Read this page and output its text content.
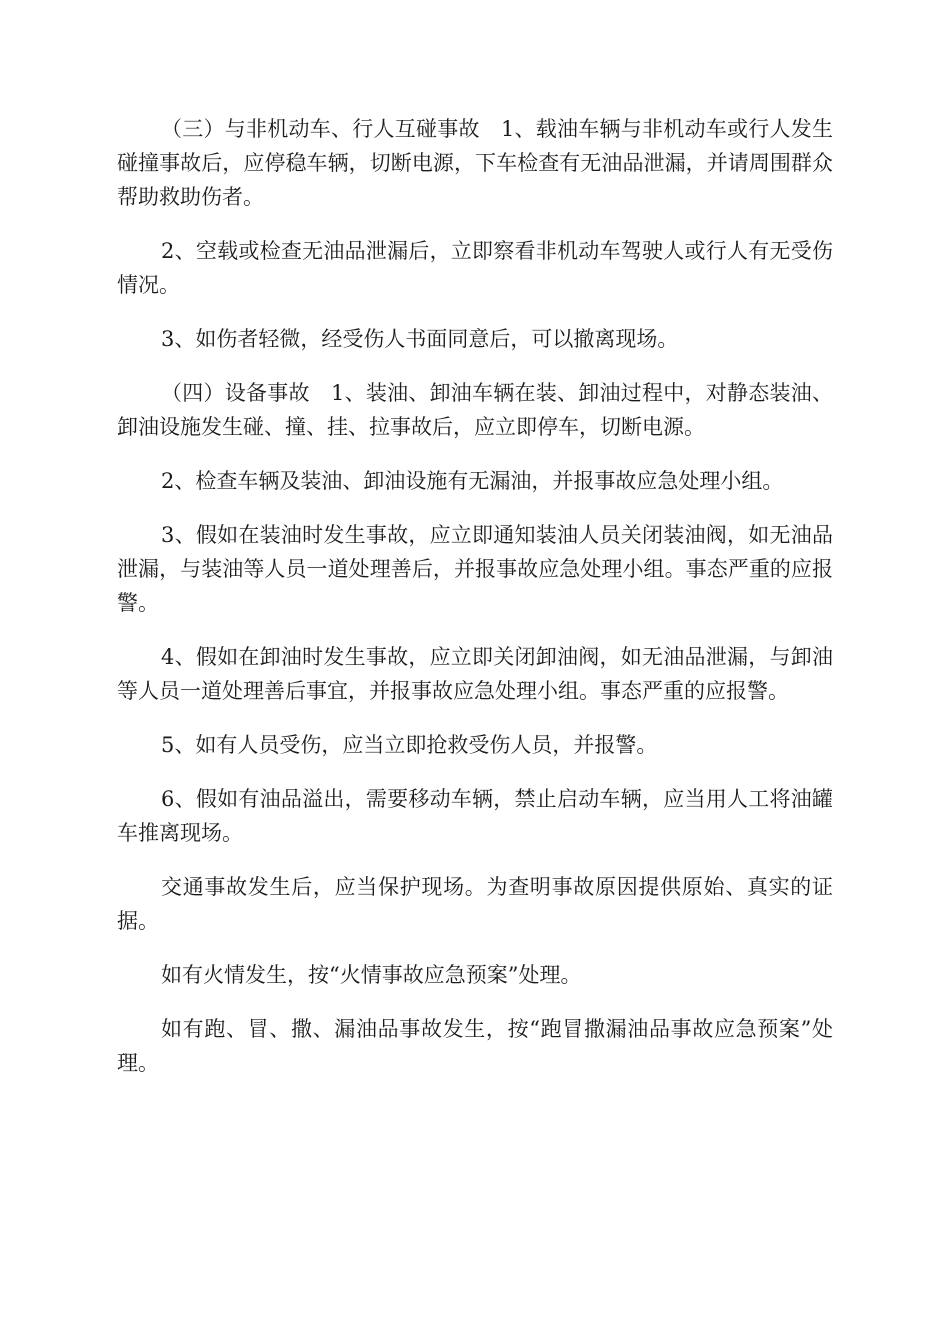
（三）与非机动车、行人互碰事故　1、载油车辆与非机动车或行人发生碰撞事故后，应停稳车辆，切断电源，下车检查有无油品泄漏，并请周围群众帮助救助伤者。

2、空载或检查无油品泄漏后，立即察看非机动车驾驶人或行人有无受伤情况。

3、如伤者轻微，经受伤人书面同意后，可以撤离现场。

（四）设备事故　1、装油、卸油车辆在装、卸油过程中，对静态装油、卸油设施发生碰、撞、挂、拉事故后，应立即停车，切断电源。

2、检查车辆及装油、卸油设施有无漏油，并报事故应急处理小组。

3、假如在装油时发生事故，应立即通知装油人员关闭装油阀，如无油品泄漏，与装油等人员一道处理善后，并报事故应急处理小组。事态严重的应报警。

4、假如在卸油时发生事故，应立即关闭卸油阀，如无油品泄漏，与卸油等人员一道处理善后事宜，并报事故应急处理小组。事态严重的应报警。

5、如有人员受伤，应当立即抢救受伤人员，并报警。

6、假如有油品溢出，需要移动车辆，禁止启动车辆，应当用人工将油罐车推离现场。

交通事故发生后，应当保护现场。为查明事故原因提供原始、真实的证据。

如有火情发生，按“火情事故应急预案”处理。

如有跑、冒、撒、漏油品事故发生，按“跑冒撒漏油品事故应急预案”处理。
